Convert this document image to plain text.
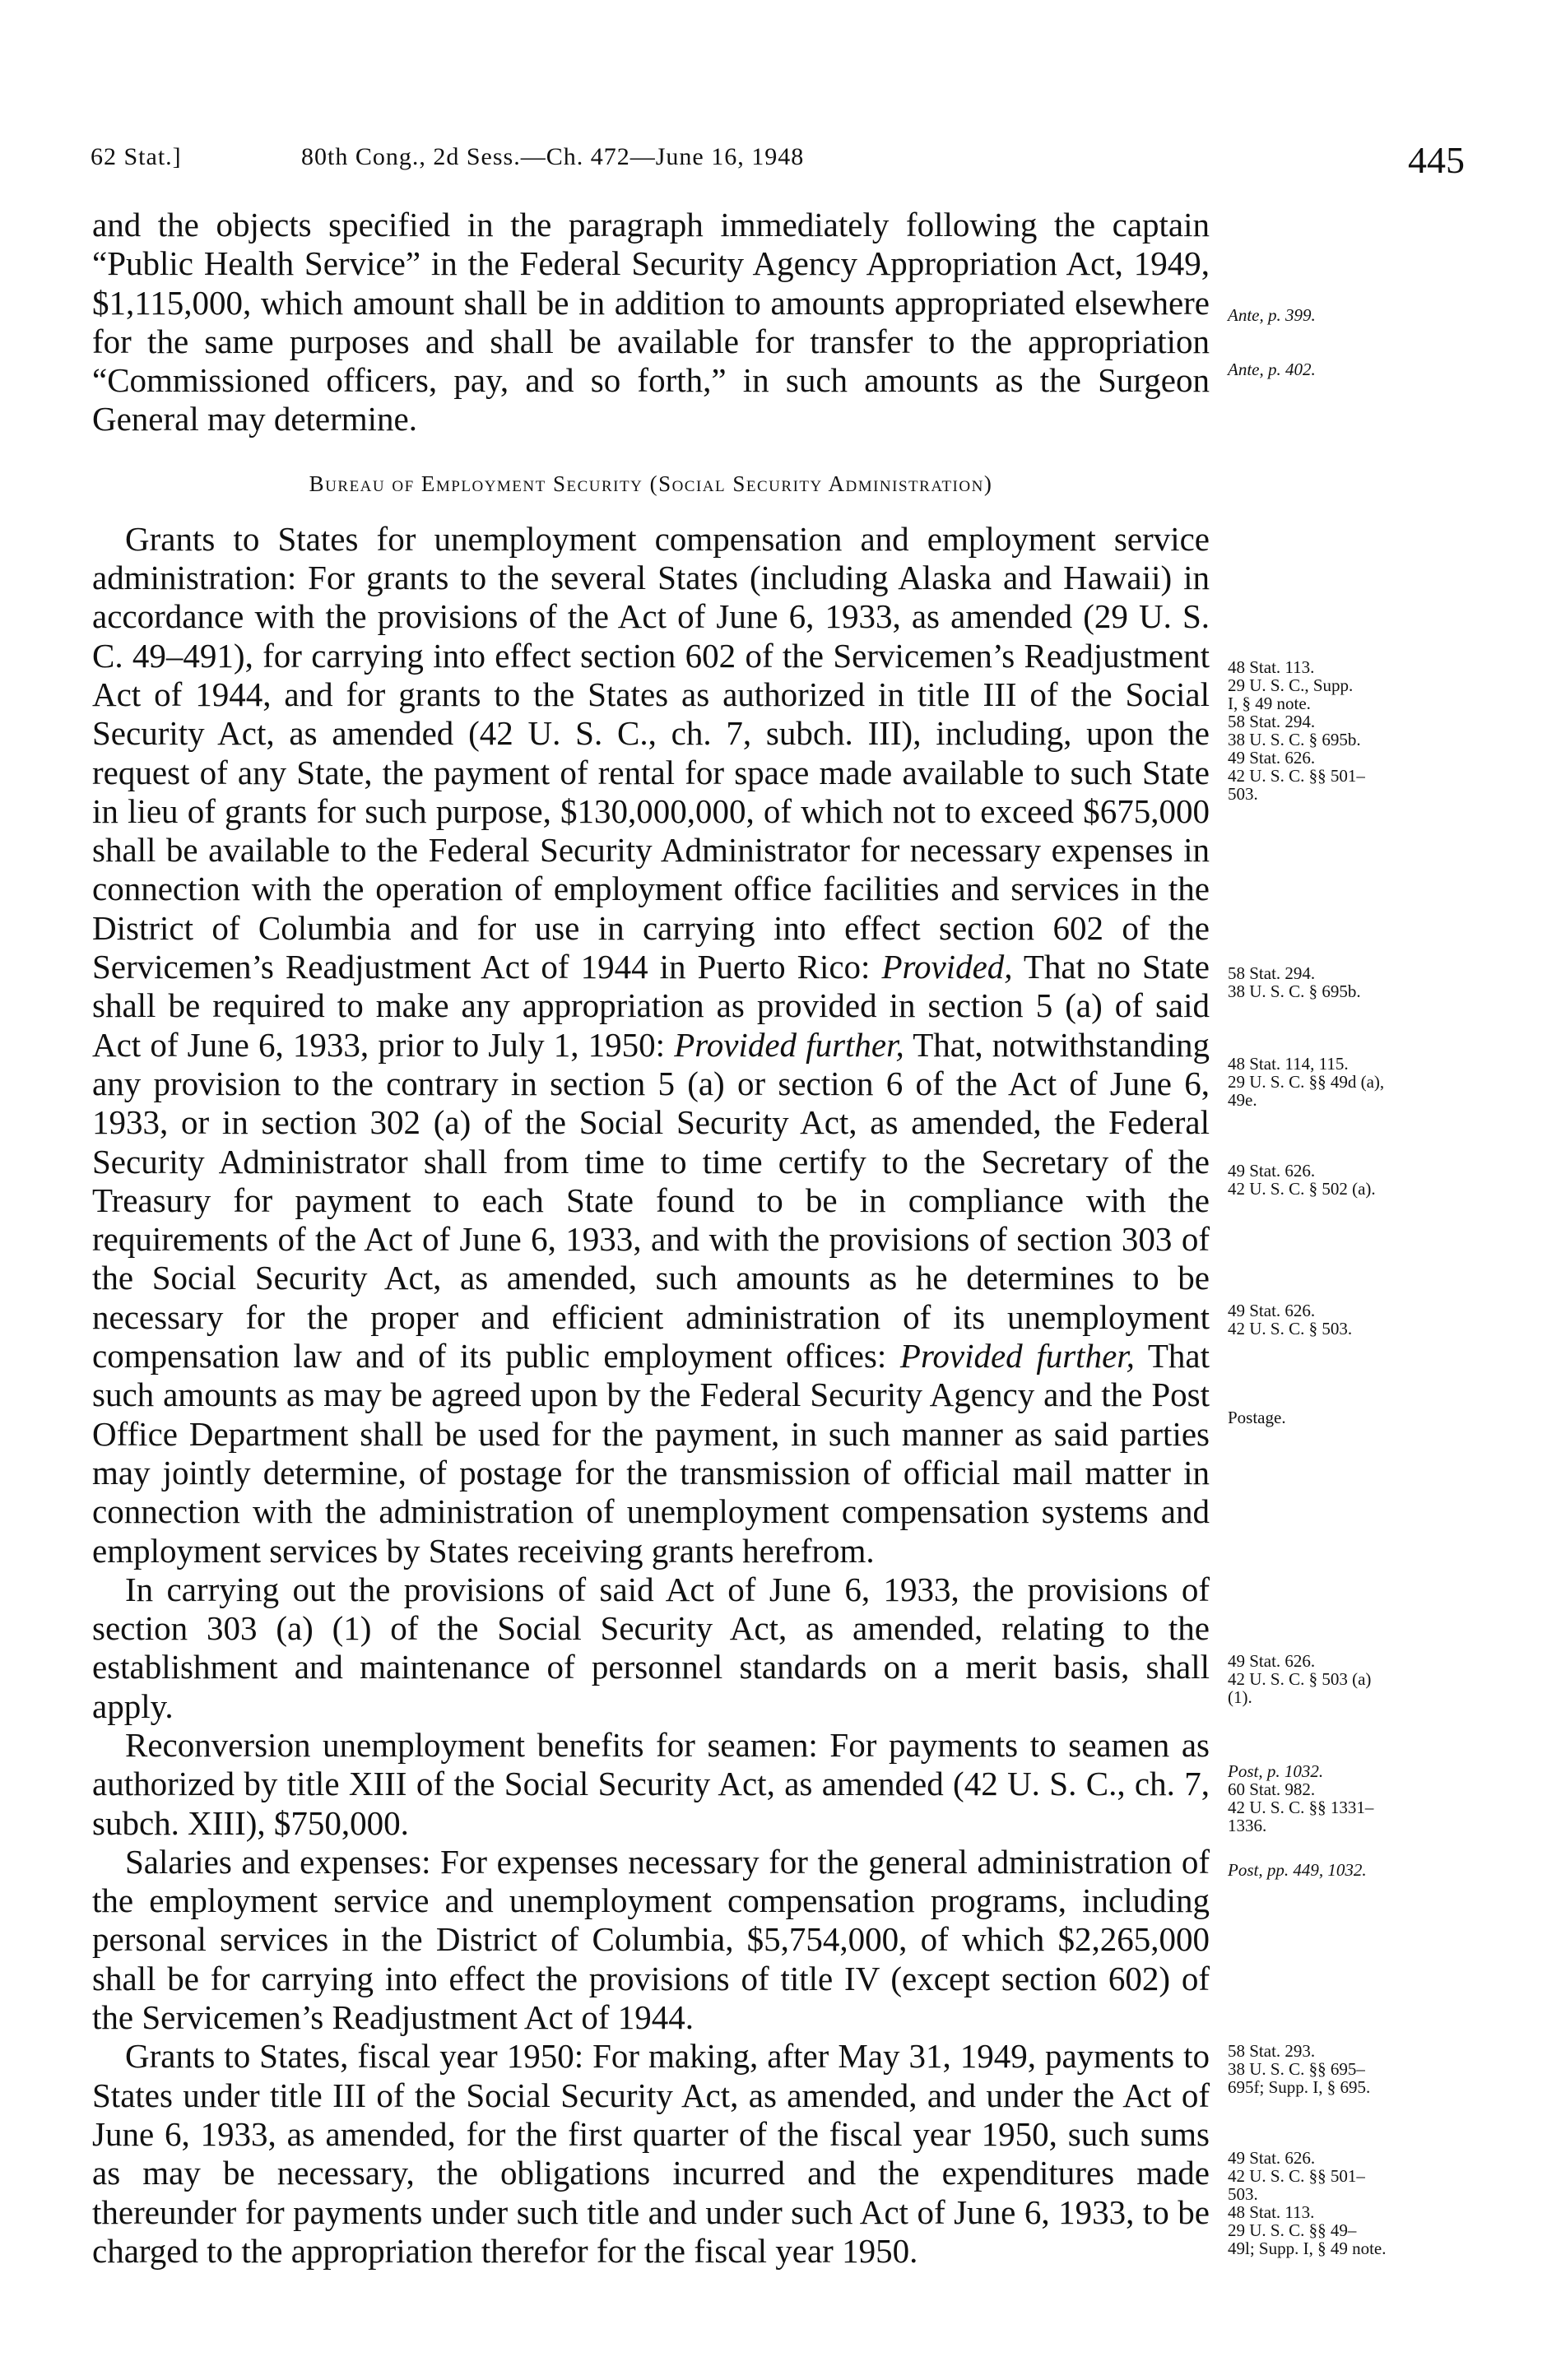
62 Stat.]	80th Cong., 2d Sess.—Ch. 472—June 16, 1948	445

and the objects specified in the paragraph immediately following the captain “Public Health Service” in the Federal Security Agency Appropriation Act, 1949, $1,115,000, which amount shall be in addition to amounts appropriated elsewhere for the same purposes and shall be available for transfer to the appropriation “Commissioned officers, pay, and so forth,” in such amounts as the Surgeon General may determine.

Bureau of Employment Security (Social Security Administration)

Grants to States for unemployment compensation and employment service administration: For grants to the several States (including Alaska and Hawaii) in accordance with the provisions of the Act of June 6, 1933, as amended (29 U. S. C. 49–491), for carrying into effect section 602 of the Servicemen’s Readjustment Act of 1944, and for grants to the States as authorized in title III of the Social Security Act, as amended (42 U. S. C., ch. 7, subch. III), including, upon the request of any State, the payment of rental for space made available to such State in lieu of grants for such purpose, $130,000,000, of which not to exceed $675,000 shall be available to the Federal Security Administrator for necessary expenses in connection with the operation of employment office facilities and services in the District of Columbia and for use in carrying into effect section 602 of the Servicemen’s Readjustment Act of 1944 in Puerto Rico: Provided, That no State shall be required to make any appropriation as provided in section 5 (a) of said Act of June 6, 1933, prior to July 1, 1950: Provided further, That, notwithstanding any provision to the contrary in section 5 (a) or section 6 of the Act of June 6, 1933, or in section 302 (a) of the Social Security Act, as amended, the Federal Security Administrator shall from time to time certify to the Secretary of the Treasury for payment to each State found to be in compliance with the requirements of the Act of June 6, 1933, and with the provisions of section 303 of the Social Security Act, as amended, such amounts as he determines to be necessary for the proper and efficient administration of its unemployment compensation law and of its public employment offices: Provided further, That such amounts as may be agreed upon by the Federal Security Agency and the Post Office Department shall be used for the payment, in such manner as said parties may jointly determine, of postage for the transmission of official mail matter in connection with the administration of unemployment compensation systems and employment services by States receiving grants herefrom.

In carrying out the provisions of said Act of June 6, 1933, the provisions of section 303 (a) (1) of the Social Security Act, as amended, relating to the establishment and maintenance of personnel standards on a merit basis, shall apply.

Reconversion unemployment benefits for seamen: For payments to seamen as authorized by title XIII of the Social Security Act, as amended (42 U. S. C., ch. 7, subch. XIII), $750,000.

Salaries and expenses: For expenses necessary for the general administration of the employment service and unemployment compensation programs, including personal services in the District of Columbia, $5,754,000, of which $2,265,000 shall be for carrying into effect the provisions of title IV (except section 602) of the Servicemen’s Readjustment Act of 1944.

Grants to States, fiscal year 1950: For making, after May 31, 1949, payments to States under title III of the Social Security Act, as amended, and under the Act of June 6, 1933, as amended, for the first quarter of the fiscal year 1950, such sums as may be necessary, the obligations incurred and the expenditures made thereunder for payments under such title and under such Act of June 6, 1933, to be charged to the appropriation therefor for the fiscal year 1950.

Ante, p. 399.
Ante, p. 402.
48 Stat. 113.
29 U. S. C., Supp.
I, § 49 note.
58 Stat. 294.
38 U. S. C. § 695b.
49 Stat. 626.
42 U. S. C. §§ 501–
503.
58 Stat. 294.
38 U. S. C. § 695b.
48 Stat. 114, 115.
29 U. S. C. §§ 49d (a),
49e.
49 Stat. 626.
42 U. S. C. § 502 (a).
49 Stat. 626.
42 U. S. C. § 503.
Postage.
49 Stat. 626.
42 U. S. C. § 503 (a)
(1).
Post, p. 1032.
60 Stat. 982.
42 U. S. C. §§ 1331–
1336.
Post, pp. 449, 1032.
58 Stat. 293.
38 U. S. C. §§ 695–
695f; Supp. I, § 695.
49 Stat. 626.
42 U. S. C. §§ 501–
503.
48 Stat. 113.
29 U. S. C. §§ 49–
49l; Supp. I, § 49 note.
